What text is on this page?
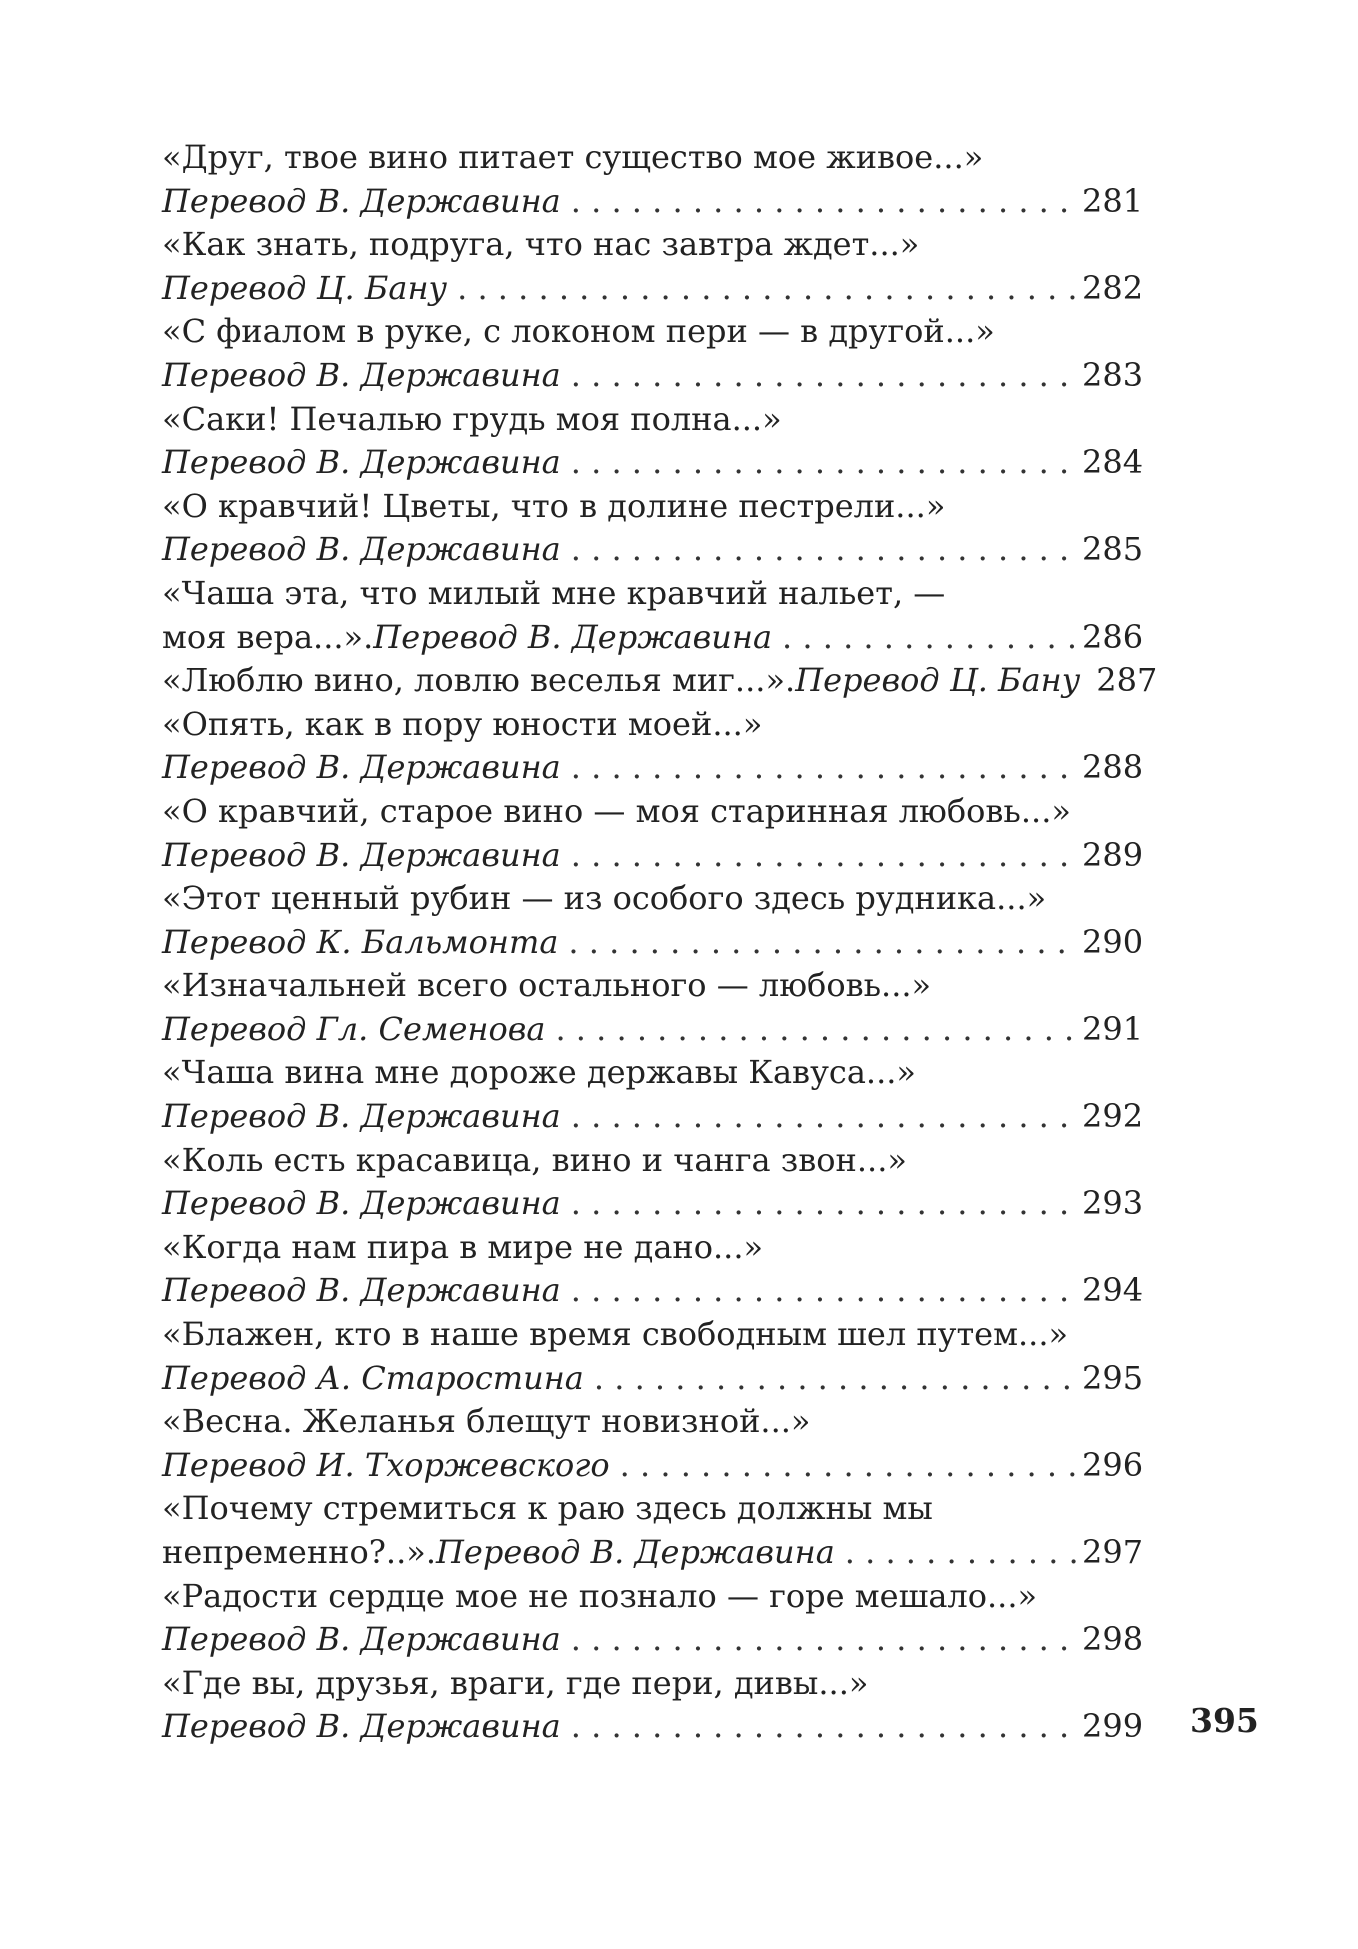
«Друг, твое вино питает существо мое живое...»
Перевод В. Державина . . .	281
«Как знать, подруга, что нас завтра ждет...»
Перевод Ц. Бану . . .	282
«С фиалом в руке, с локоном пери — в другой...»
Перевод В. Державина . . .	283
«Саки! Печалью грудь моя полна...»
Перевод В. Державина . . .	284
«О кравчий! Цветы, что в долине пестрели...»
Перевод В. Державина . . .	285
«Чаша эта, что милый мне кравчий нальет, —
моя вера...». Перевод В. Державина . . .	286
«Люблю вино, ловлю веселья миг...». Перевод Ц. Бану 287
«Опять, как в пору юности моей...»
Перевод В. Державина . . .	288
«О кравчий, старое вино — моя старинная любовь...»
Перевод В. Державина . . .	289
«Этот ценный рубин — из особого здесь рудника...»
Перевод К. Бальмонта . . .	290
«Изначальней всего остального — любовь...»
Перевод Гл. Семенова . . .	291
«Чаша вина мне дороже державы Кавуса...»
Перевод В. Державина . . .	292
«Коль есть красавица, вино и чанга звон...»
Перевод В. Державина . . .	293
«Когда нам пира в мире не дано...»
Перевод В. Державина . . .	294
«Блажен, кто в наше время свободным шел путем...»
Перевод А. Старостина . . .	295
«Весна. Желанья блещут новизной...»
Перевод И. Тхоржевского . . .	296
«Почему стремиться к раю здесь должны мы
непременно?..». Перевод В. Державина . . .	297
«Радости сердце мое не познало — горе мешало...»
Перевод В. Державина . . .	298
«Где вы, друзья, враги, где пери, дивы...»
Перевод В. Державина . . .	299 395
